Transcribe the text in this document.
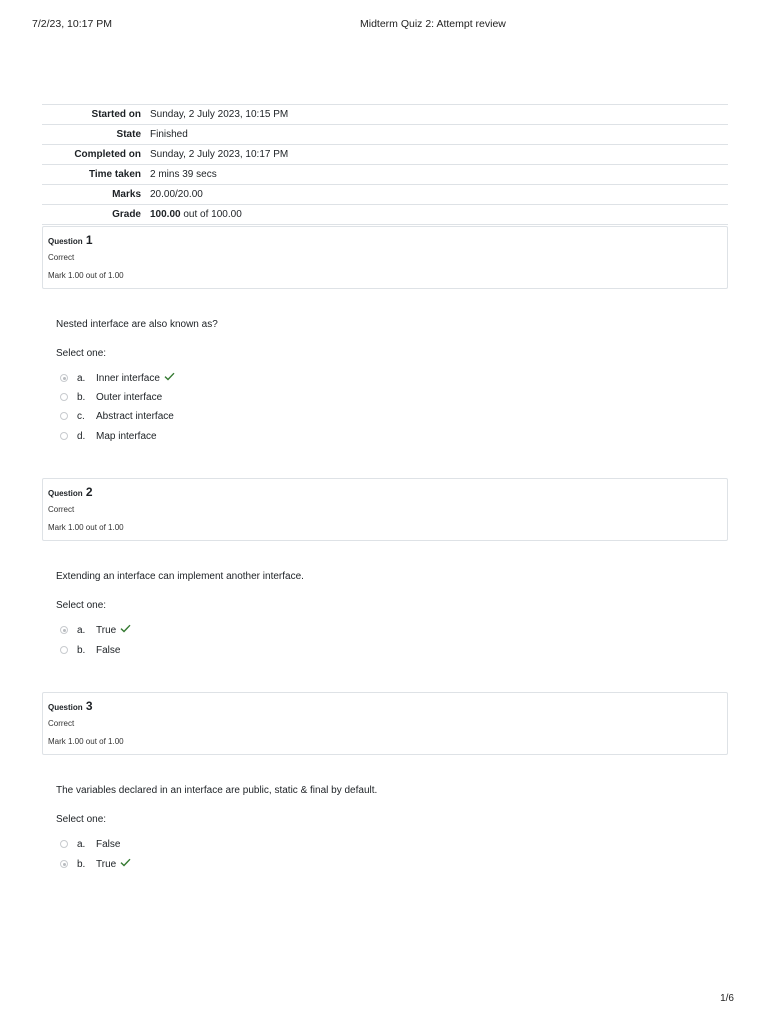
7/2/23, 10:17 PM	Midterm Quiz 2: Attempt review
Started on	Sunday, 2 July 2023, 10:15 PM
State	Finished
Completed on	Sunday, 2 July 2023, 10:17 PM
Time taken	2 mins 39 secs
Marks	20.00/20.00
Grade	100.00 out of 100.00
Question 1
Correct
Mark 1.00 out of 1.00
Nested interface are also known as?
Select one:
a.	Inner interface
b.	Outer interface
c.	Abstract interface
d.	Map interface
Question 2
Correct
Mark 1.00 out of 1.00
Extending an interface can implement another interface.
Select one:
a.	True
b.	False
Question 3
Correct
Mark 1.00 out of 1.00
The variables declared in an interface are public, static & final by default.
Select one:
a.	False
b.	True
1/6
